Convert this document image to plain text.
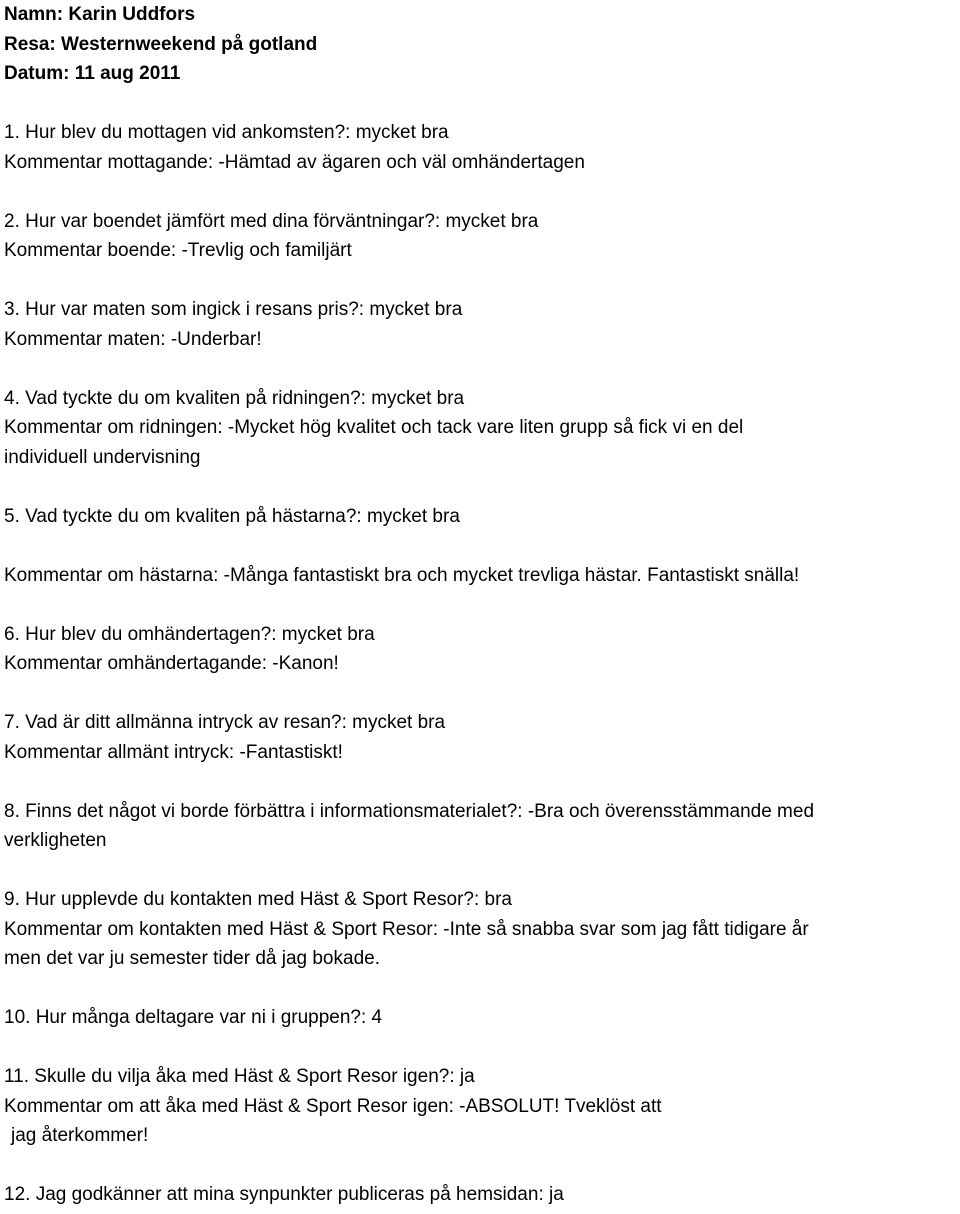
Namn: Karin Uddfors
Resa: Westernweekend på gotland
Datum: 11 aug 2011
1. Hur blev du mottagen vid ankomsten?: mycket bra
Kommentar mottagande: -Hämtad av ägaren och väl omhändertagen
2. Hur var boendet jämfört med dina förväntningar?: mycket bra
Kommentar boende: -Trevlig och familjärt
3. Hur var maten som ingick i resans pris?: mycket bra
Kommentar maten: -Underbar!
4. Vad tyckte du om kvaliten på ridningen?: mycket bra
Kommentar om ridningen: -Mycket hög kvalitet och tack vare liten grupp så fick vi en del
individuell undervisning
5. Vad tyckte du om kvaliten på hästarna?: mycket bra
Kommentar om hästarna: -Många fantastiskt bra och mycket trevliga hästar. Fantastiskt snälla!
6. Hur blev du omhändertagen?: mycket bra
Kommentar omhändertagande: -Kanon!
7. Vad är ditt allmänna intryck av resan?: mycket bra
Kommentar allmänt intryck: -Fantastiskt!
8. Finns det något vi borde förbättra i informationsmaterialet?: -Bra och överensstämmande med
verkligheten
9. Hur upplevde du kontakten med Häst & Sport Resor?: bra
Kommentar om kontakten med Häst & Sport Resor: -Inte så snabba svar som jag fått tidigare år
men det var ju semester tider då jag bokade.
10. Hur många deltagare var ni i gruppen?: 4
11. Skulle du vilja åka med Häst & Sport Resor igen?: ja
Kommentar om att åka med Häst & Sport Resor igen: -ABSOLUT! Tveklöst att
jag återkommer!
12. Jag godkänner att mina synpunkter publiceras på hemsidan: ja
